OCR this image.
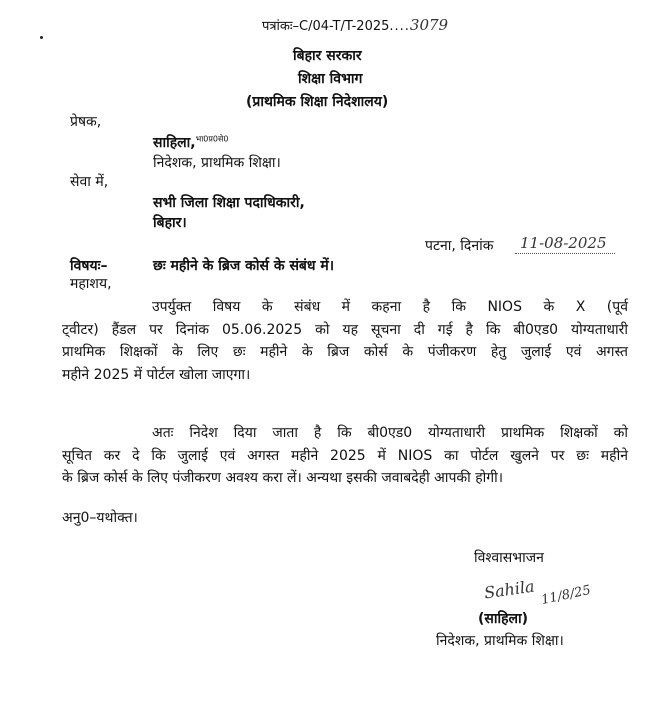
पत्रांकः–C/04-T/T-2025....3079
बिहार सरकार
शिक्षा विभाग
(प्राथमिक शिक्षा निदेशालय)
प्रेषक,
साहिला,$^{भा0प्र0से0}$
निदेशक, प्राथमिक शिक्षा।
सेवा में,
सभी जिला शिक्षा पदाधिकारी,
बिहार।
पटना, दिनांक 11-08-2025
विषयः–	छः महीने के ब्रिज कोर्स के संबंध में।
महाशय,
उपर्युक्त विषय के संबंध में कहना है कि NIOS के X (पूर्व
ट्वीटर) हैंडल पर दिनांक 05.06.2025 को यह सूचना दी गई है कि बी0एड0 योग्यताधारी
प्राथमिक शिक्षकों के लिए छः महीने के ब्रिज कोर्स के पंजीकरण हेतु जुलाई एवं अगस्त
महीने 2025 में पोर्टल खोला जाएगा।
अतः निदेश दिया जाता है कि बी0एड0 योग्यताधारी प्राथमिक शिक्षकों को
सूचित कर दे कि जुलाई एवं अगस्त महीने 2025 में NIOS का पोर्टल खुलने पर छः महीने
के ब्रिज कोर्स के लिए पंजीकरण अवश्य करा लें। अन्यथा इसकी जवाबदेही आपकी होगी।
अनु0–यथोक्त।
विश्वासभाजन
Sahila 11/8/25
(साहिला)
निदेशक, प्राथमिक शिक्षा।
